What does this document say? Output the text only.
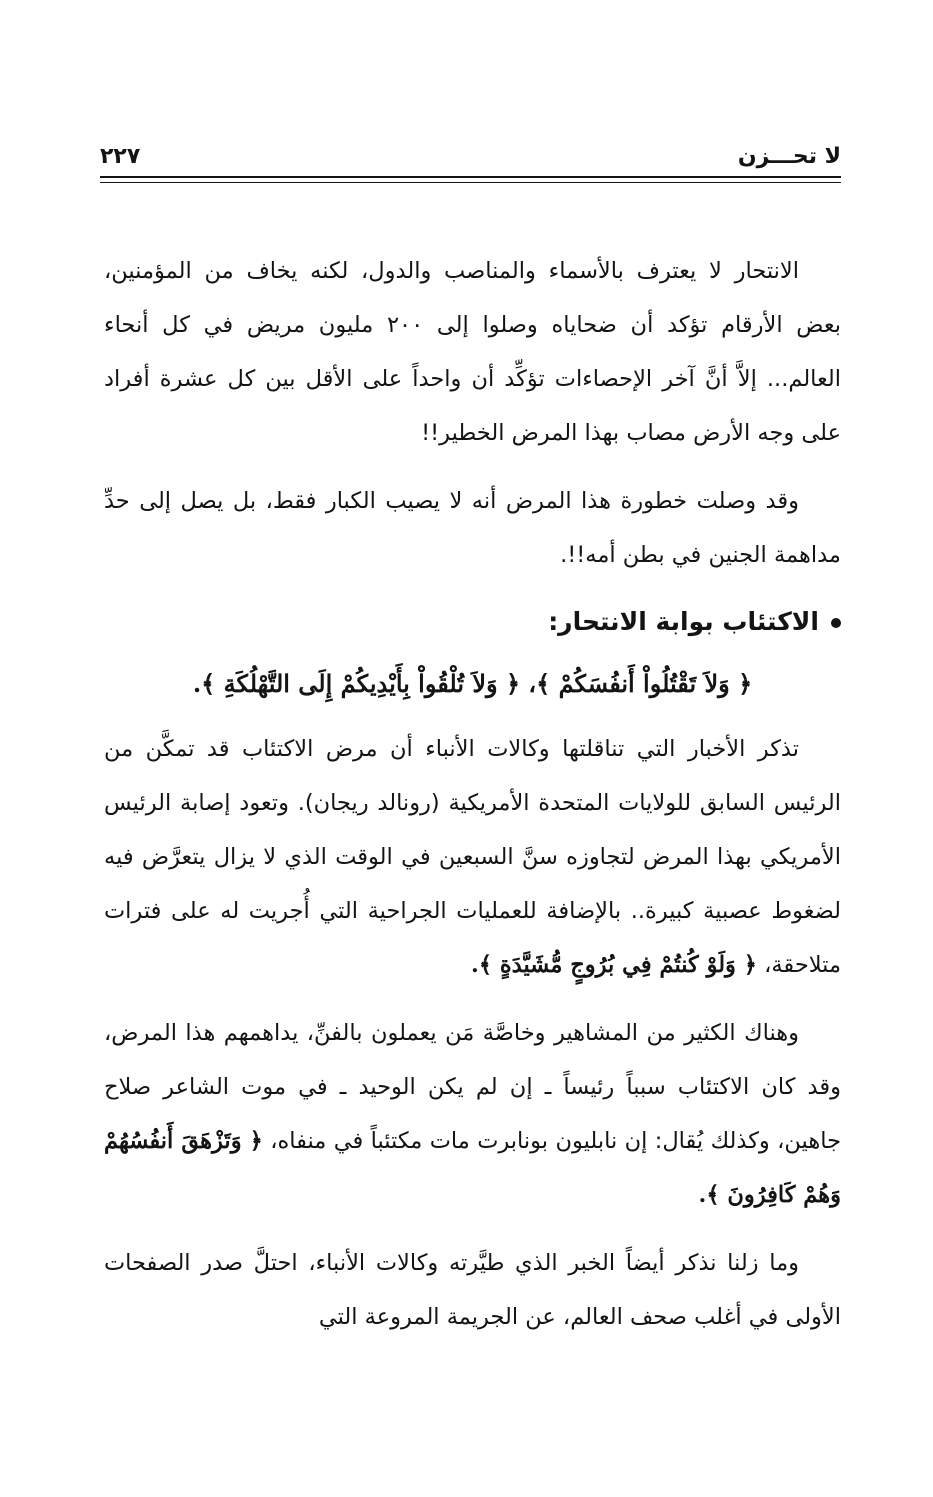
لا تحـــزن
٢٢٧

الانتحار لا يعترف بالأسماء والمناصب والدول، لكنه يخاف من المؤمنين، بعض الأرقام تؤكد أن ضحاياه وصلوا إلى ٢٠٠ مليون مريض في كل أنحاء العالم... إلاَّ أنَّ آخر الإحصاءات تؤكِّد أن واحداً على الأقل بين كل عشرة أفراد على وجه الأرض مصاب بهذا المرض الخطير!!

وقد وصلت خطورة هذا المرض أنه لا يصيب الكبار فقط، بل يصل إلى حدِّ مداهمة الجنين في بطن أمه!!.

الاكتئاب بوابة الانتحار:

﴿ وَلاَ تَقْتُلُواْ أَنفُسَكُمْ ﴾، ﴿ وَلاَ تُلْقُواْ بِأَيْدِيكُمْ إِلَى التَّهْلُكَةِ ﴾.

تذكر الأخبار التي تناقلتها وكالات الأنباء أن مرض الاكتئاب قد تمكَّن من الرئيس السابق للولايات المتحدة الأمريكية (رونالد ريجان). وتعود إصابة الرئيس الأمريكي بهذا المرض لتجاوزه سنَّ السبعين في الوقت الذي لا يزال يتعرَّض فيه لضغوط عصبية كبيرة.. بالإضافة للعمليات الجراحية التي أُجريت له على فترات متلاحقة، ﴿ وَلَوْ كُنتُمْ فِي بُرُوجٍ مُّشَيَّدَةٍ ﴾.

وهناك الكثير من المشاهير وخاصَّة مَن يعملون بالفنِّ، يداهمهم هذا المرض، وقد كان الاكتئاب سبباً رئيساً ـ إن لم يكن الوحيد ـ في موت الشاعر صلاح جاهين، وكذلك يُقال: إن نابليون بونابرت مات مكتئباً في منفاه، ﴿ وَتَزْهَقَ أَنفُسُهُمْ وَهُمْ كَافِرُونَ ﴾.

وما زلنا نذكر أيضاً الخبر الذي طيَّرته وكالات الأنباء، احتلَّ صدر الصفحات الأولى في أغلب صحف العالم، عن الجريمة المروعة التي
